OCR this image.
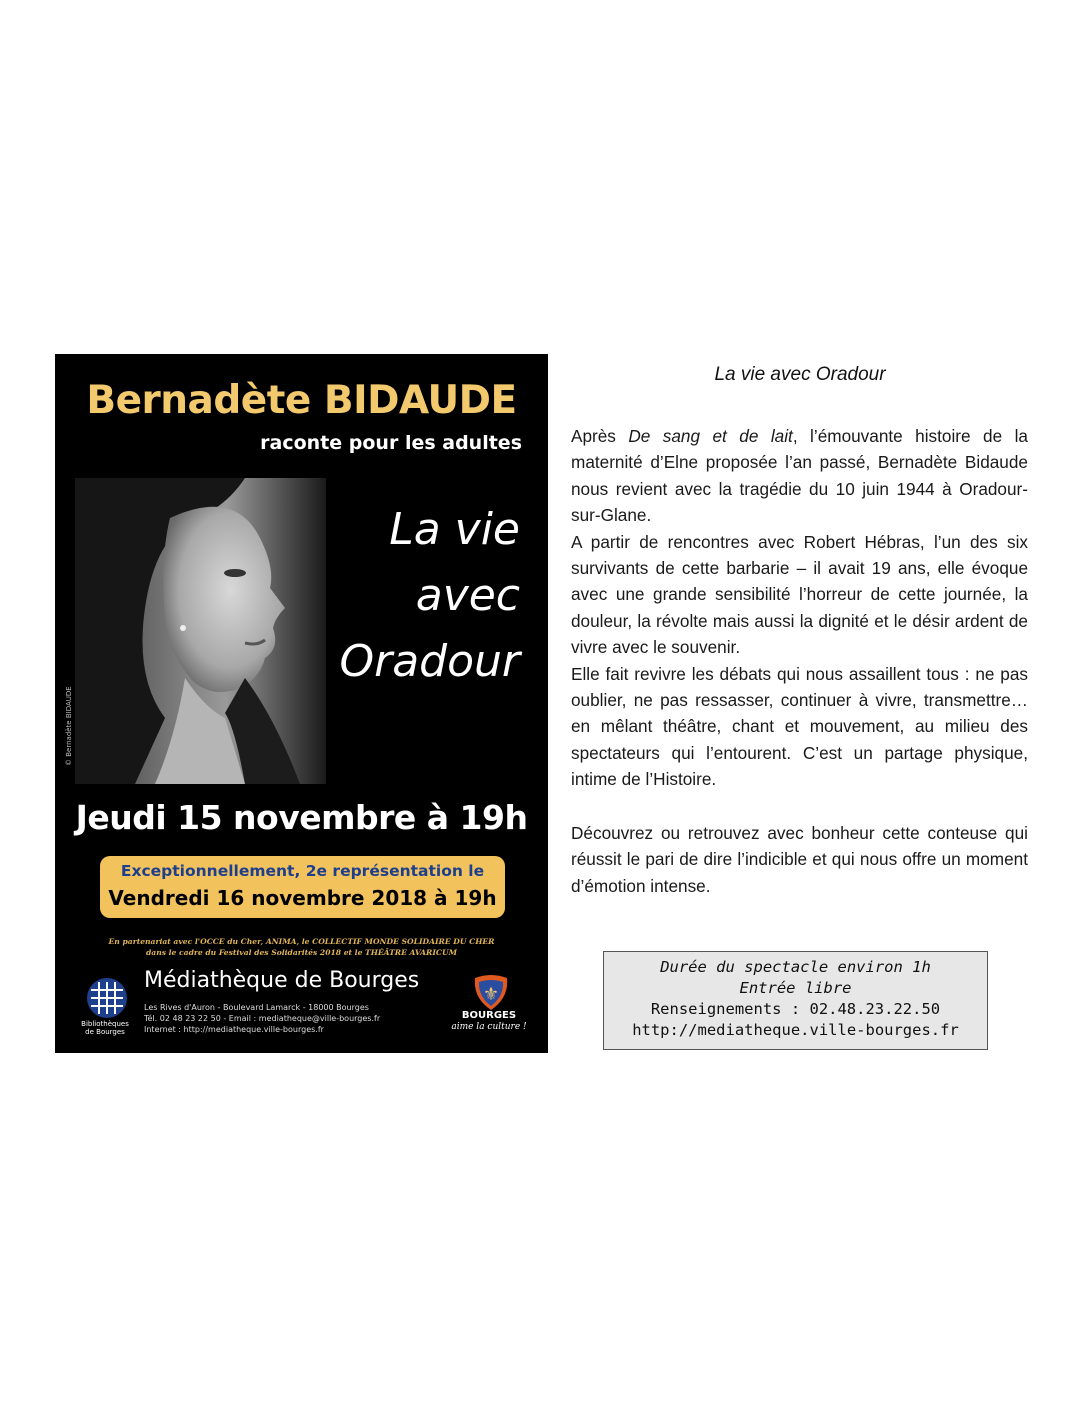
Bernadète BIDAUDE
raconte pour les adultes
© Bernadète BIDAUDE
La vie
avec
Oradour
Jeudi 15 novembre à 19h
Exceptionnellement, 2e représentation le
Vendredi 16 novembre 2018 à 19h
En partenariat avec l'OCCE du Cher, ANIMA, le COLLECTIF MONDE SOLIDAIRE DU CHER
dans le cadre du Festival des Solidarités 2018 et le THÉÂTRE AVARICUM
Bibliothèques
de Bourges
Médiathèque de Bourges
Les Rives d'Auron - Boulevard Lamarck - 18000 Bourges
Tél. 02 48 23 22 50 - Email : mediatheque@ville-bourges.fr
Internet : http://mediatheque.ville-bourges.fr
⚜
BOURGES
aime la culture !
La vie avec Oradour

Après De sang et de lait, l’émouvante histoire de la maternité d’Elne proposée l’an passé, Bernadète Bidaude nous revient avec la tragédie du 10 juin 1944 à Oradour-sur-Glane.

A partir de rencontres avec Robert Hébras, l’un des six survivants de cette barbarie – il avait 19 ans, elle évoque avec une grande sensibilité l’horreur de cette journée, la douleur, la révolte mais aussi la dignité et le désir ardent de vivre avec le souvenir.

Elle fait revivre les débats qui nous assaillent tous : ne pas oublier, ne pas ressasser, continuer à vivre, transmettre… en mêlant théâtre, chant et mouvement, au milieu des spectateurs qui l’entourent. C’est un partage physique, intime de l’Histoire.

Découvrez ou retrouvez avec bonheur cette conteuse qui réussit le pari de dire l’indicible et qui nous offre un moment d’émotion intense.

Durée du spectacle environ 1h
Entrée libre
Renseignements : 02.48.23.22.50
http://mediatheque.ville-bourges.fr
